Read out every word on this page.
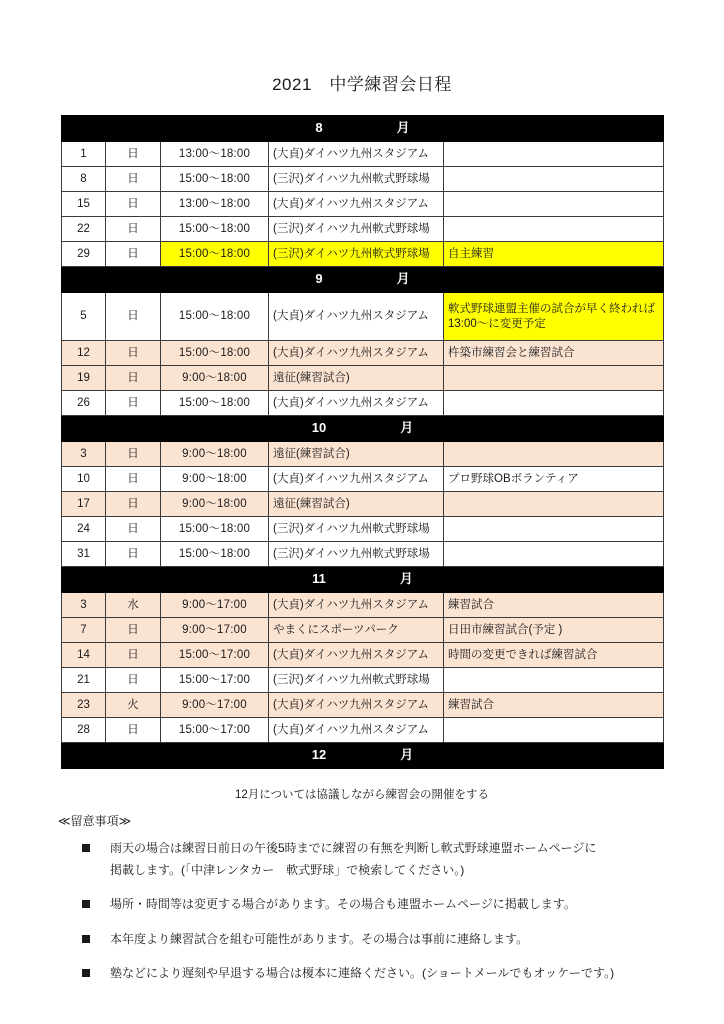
2021　中学練習会日程
8 月				

1	日	13:00～18:00	(大貞)ダイハツ九州スタジアム	
8	日	15:00～18:00	(三沢)ダイハツ九州軟式野球場	
15	日	13:00～18:00	(大貞)ダイハツ九州スタジアム	
22	日	15:00～18:00	(三沢)ダイハツ九州軟式野球場	
29	日	15:00～18:00	(三沢)ダイハツ九州軟式野球場	自主練習

9 月				

5	日	15:00～18:00	(大貞)ダイハツ九州スタジアム	軟式野球連盟主催の試合が早く終われば
13:00～に変更予定

12	日	15:00～18:00	(大貞)ダイハツ九州スタジアム	杵築市練習会と練習試合
19	日	9:00～18:00	遠征(練習試合)	
26	日	15:00～18:00	(大貞)ダイハツ九州スタジアム	

10 月				

3	日	9:00～18:00	遠征(練習試合)	
10	日	9:00～18:00	(大貞)ダイハツ九州スタジアム	プロ野球OBボランティア
17	日	9:00～18:00	遠征(練習試合)	
24	日	15:00～18:00	(三沢)ダイハツ九州軟式野球場	
31	日	15:00～18:00	(三沢)ダイハツ九州軟式野球場	

11 月				

3	水	9:00～17:00	(大貞)ダイハツ九州スタジアム	練習試合
7	日	9:00～17:00	やまくにスポーツパーク	日田市練習試合(予定 )
14	日	15:00～17:00	(大貞)ダイハツ九州スタジアム	時間の変更できれば練習試合
21	日	15:00～17:00	(三沢)ダイハツ九州軟式野球場	
23	火	9:00～17:00	(大貞)ダイハツ九州スタジアム	練習試合
28	日	15:00～17:00	(大貞)ダイハツ九州スタジアム	

12 月				
12月については協議しながら練習会の開催をする

≪留意事項≫

雨天の場合は練習日前日の午後5時までに練習の有無を判断し軟式野球連盟ホームページに
掲載します。(「中津レンタカー　軟式野球」で検索してください。)
場所・時間等は変更する場合があります。その場合も連盟ホームページに掲載します。
本年度より練習試合を組む可能性があります。その場合は事前に連絡します。
塾などにより遅刻や早退する場合は榎本に連絡ください。(ショートメールでもオッケーです。)
